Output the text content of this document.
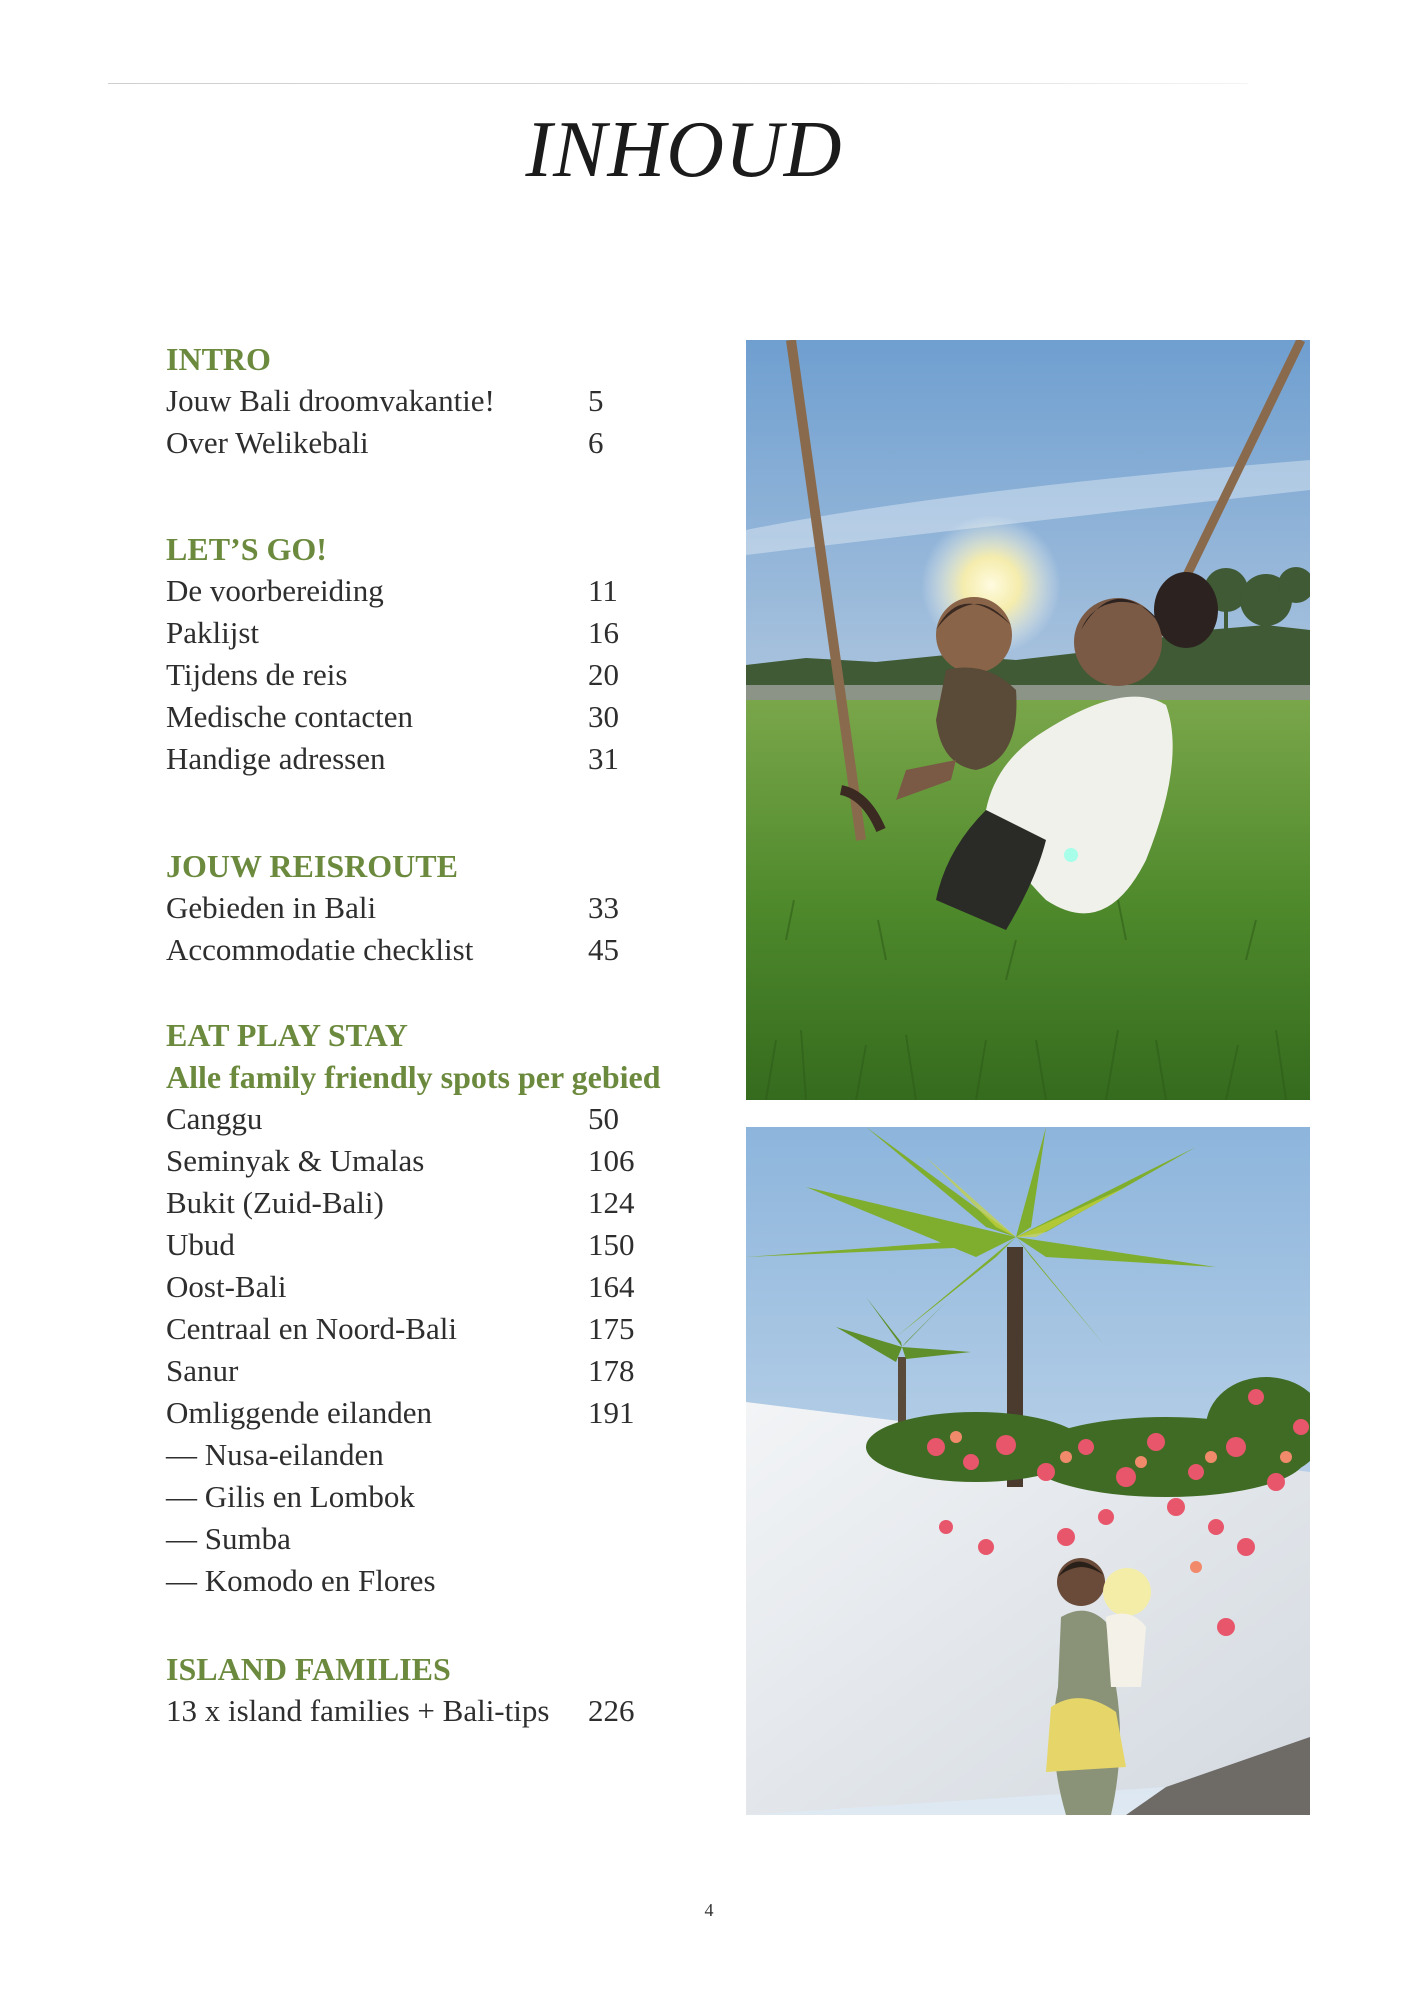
INHOUD
INTRO
Jouw Bali droomvakantie!	5
Over Welikebali	6
LET’S GO!
De voorbereiding	11
Paklijst	16
Tijdens de reis	20
Medische contacten	30
Handige adressen	31
JOUW REISROUTE
Gebieden in Bali	33
Accommodatie checklist	45
EAT PLAY STAY
Alle family friendly spots per gebied
Canggu	50
Seminyak & Umalas	106
Bukit (Zuid-Bali)	124
Ubud	150
Oost-Bali	164
Centraal en Noord-Bali	175
Sanur	178
Omliggende eilanden	191
— Nusa-eilanden
— Gilis en Lombok
— Sumba
— Komodo en Flores
ISLAND FAMILIES
13 x island families + Bali-tips 226
4
